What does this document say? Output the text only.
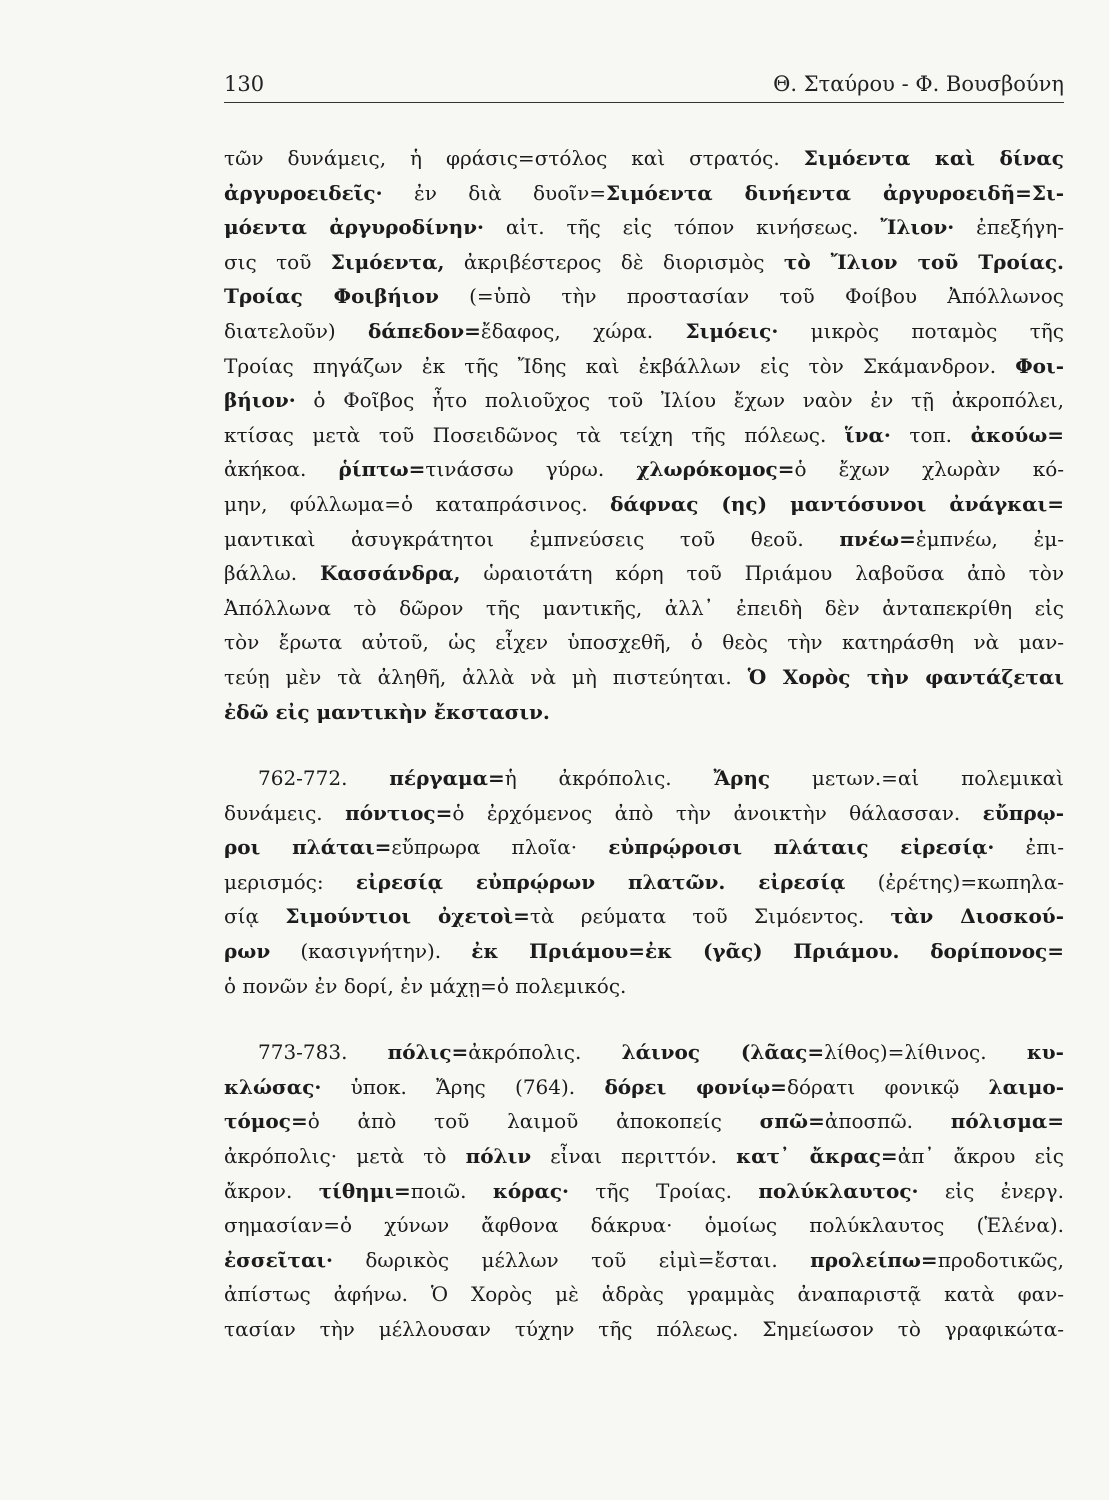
130	Θ. Σταύρου - Φ. Βουσβούνη
τῶν δυνάμεις, ἡ φράσις=στόλος καὶ στρατός. Σιμόεντα καὶ δίνας
ἀργυροειδεῖς· ἐν διὰ δυοῖν=Σιμόεντα δινήεντα ἀργυροειδῆ=Σι-
μόεντα ἀργυροδίνην· αἰτ. τῆς εἰς τόπον κινήσεως. Ἴλιον· ἐπεξήγη-
σις τοῦ Σιμόεντα, ἀκριβέστερος δὲ διορισμὸς τὸ Ἴλιον τοῦ Τροίας.
Τροίας Φοιβήιον (=ὑπὸ τὴν προστασίαν τοῦ Φοίβου Ἀπόλλωνος
διατελοῦν) δάπεδον=ἔδαφος, χώρα. Σιμόεις· μικρὸς ποταμὸς τῆς
Τροίας πηγάζων ἐκ τῆς Ἴδης καὶ ἐκβάλλων εἰς τὸν Σκάμανδρον. Φοι-
βήιον· ὁ Φοῖβος ἦτο πολιοῦχος τοῦ Ἰλίου ἔχων ναὸν ἐν τῇ ἀκροπόλει,
κτίσας μετὰ τοῦ Ποσειδῶνος τὰ τείχη τῆς πόλεως. ἵνα· τοπ. ἀκούω=
ἀκήκοα. ῥίπτω=τινάσσω γύρω. χλωρόκομος=ὁ ἔχων χλωρὰν κό-
μην, φύλλωμα=ὁ καταπράσινος. δάφνας (ης) μαντόσυνοι ἀνάγκαι=
μαντικαὶ ἀσυγκράτητοι ἐμπνεύσεις τοῦ θεοῦ. πνέω=ἐμπνέω, ἐμ-
βάλλω. Κασσάνδρα, ὡραιοτάτη κόρη τοῦ Πριάμου λαβοῦσα ἀπὸ τὸν
Ἀπόλλωνα τὸ δῶρον τῆς μαντικῆς, ἀλλ᾽ ἐπειδὴ δὲν ἀνταπεκρίθη εἰς
τὸν ἔρωτα αὐτοῦ, ὡς εἶχεν ὑποσχεθῆ, ὁ θεὸς τὴν κατηράσθη νὰ μαν-
τεύῃ μὲν τὰ ἀληθῆ, ἀλλὰ νὰ μὴ πιστεύηται. Ὁ Χορὸς τὴν φαντάζεται
ἐδῶ εἰς μαντικὴν ἔκστασιν.
762-772. πέργαμα=ἡ ἀκρόπολις. Ἄρης μετων.=αἱ πολεμικαὶ
δυνάμεις. πόντιος=ὁ ἐρχόμενος ἀπὸ τὴν ἀνοικτὴν θάλασσαν. εὔπρῳ-
ροι πλάται=εὔπρωρα πλοῖα· εὐπρῴροισι πλάταις εἰρεσίᾳ· ἐπι-
μερισμός: εἰρεσίᾳ εὐπρῴρων πλατῶν. εἰρεσίᾳ (ἐρέτης)=κωπηλα-
σίᾳ Σιμούντιοι ὀχετοὶ=τὰ ρεύματα τοῦ Σιμόεντος. τὰν Διοσκού-
ρων (κασιγνήτην). ἐκ Πριάμου=ἐκ (γᾶς) Πριάμου. δορίπονος=
ὁ πονῶν ἐν δορί, ἐν μάχῃ=ὁ πολεμικός.
773-783. πόλις=ἀκρόπολις. λάινος (λᾶας=λίθος)=λίθινος. κυ-
κλώσας· ὑποκ. Ἄρης (764). δόρει φονίῳ=δόρατι φονικῷ λαιμο-
τόμος=ὁ ἀπὸ τοῦ λαιμοῦ ἀποκοπείς σπῶ=ἀποσπῶ. πόλισμα=
ἀκρόπολις· μετὰ τὸ πόλιν εἶναι περιττόν. κατ᾽ ἄκρας=ἀπ᾽ ἄκρου εἰς
ἄκρον. τίθημι=ποιῶ. κόρας· τῆς Τροίας. πολύκλαυτος· εἰς ἐνεργ.
σημασίαν=ὁ χύνων ἄφθονα δάκρυα· ὁμοίως πολύκλαυτος (Ἑλένα).
ἐσσεῖται· δωρικὸς μέλλων τοῦ εἰμὶ=ἔσται. προλείπω=προδοτικῶς,
ἀπίστως ἀφήνω. Ὁ Χορὸς μὲ ἁδρὰς γραμμὰς ἀναπαριστᾷ κατὰ φαν-
τασίαν τὴν μέλλουσαν τύχην τῆς πόλεως. Σημείωσον τὸ γραφικώτα-
